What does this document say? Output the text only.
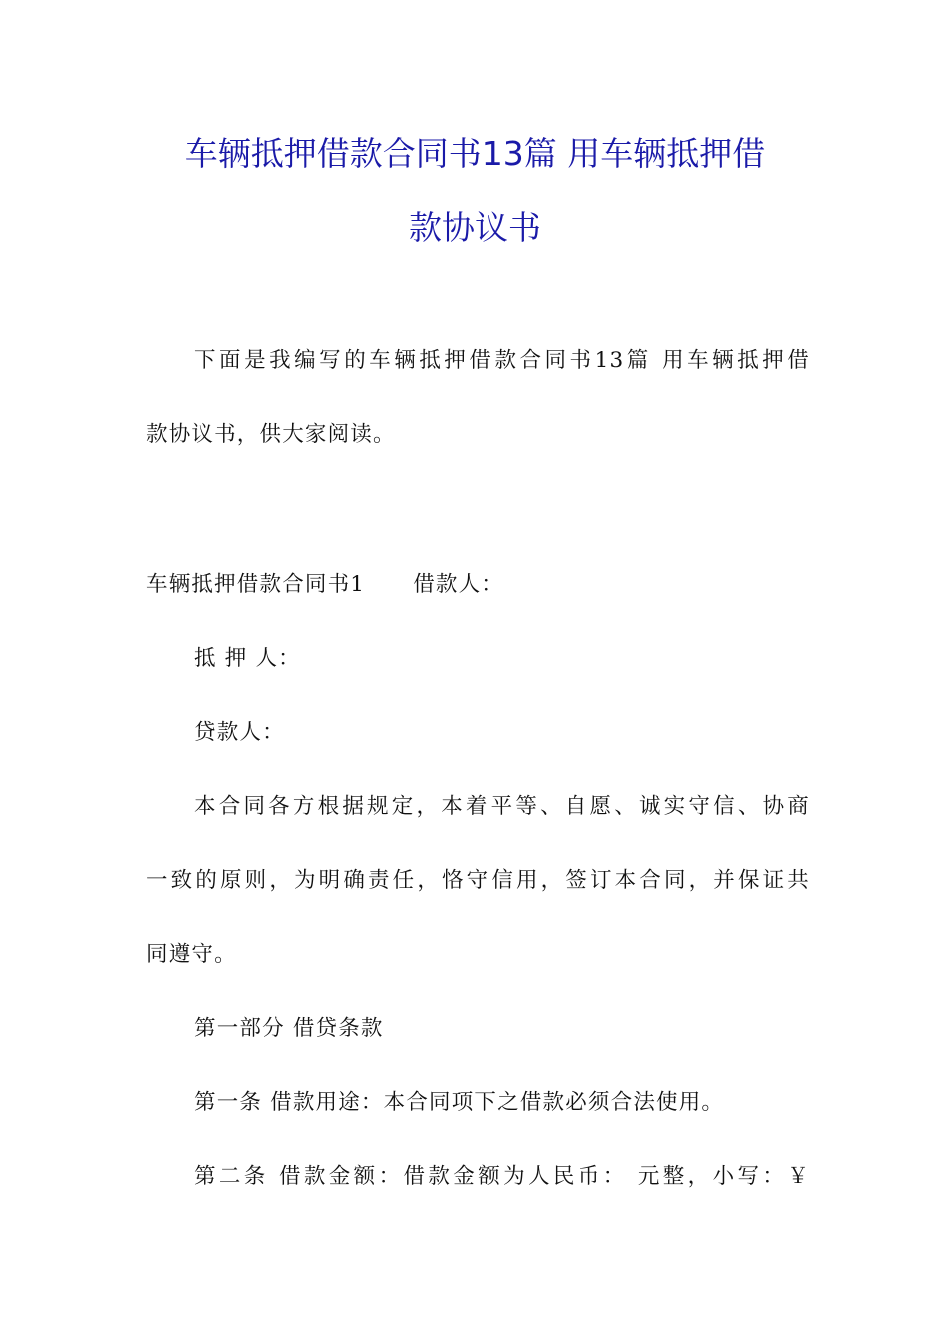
车辆抵押借款合同书13篇 用车辆抵押借
款协议书
下面是我编写的车辆抵押借款合同书13篇 用车辆抵押借
款协议书，供大家阅读。
车辆抵押借款合同书1 借款人：
抵 押 人：
贷款人：
本合同各方根据规定，本着平等、自愿、诚实守信、协商
一致的原则，为明确责任，恪守信用，签订本合同，并保证共
同遵守。
第一部分 借贷条款
第一条 借款用途：本合同项下之借款必须合法使用。
第二条 借款金额：借款金额为人民币： 元整，小写：￥
